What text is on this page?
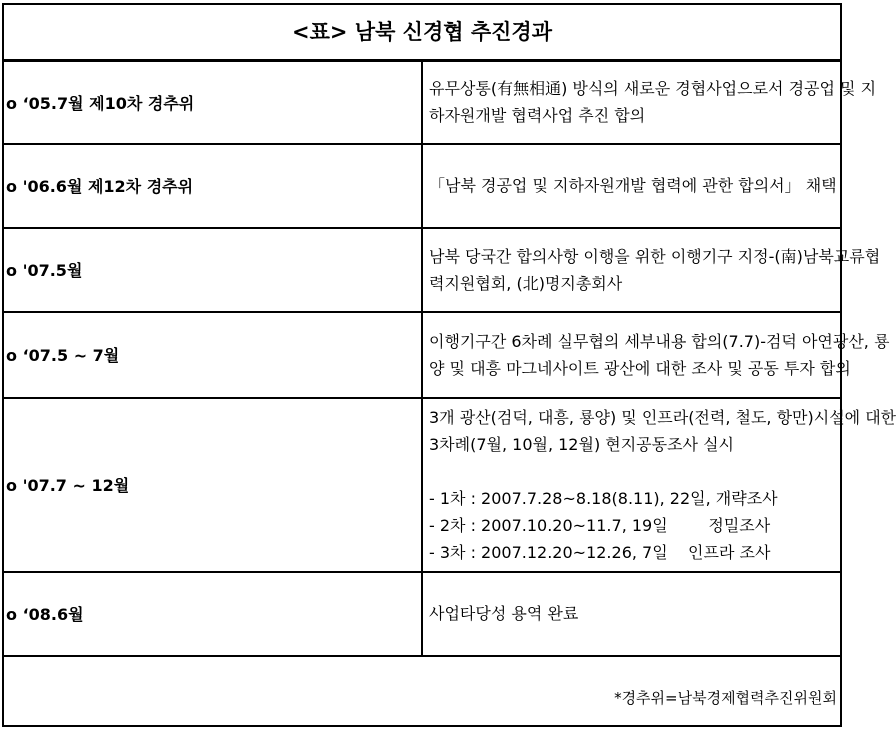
<표> 남북 신경협 추진경과	
o ‘05.7월 제10차 경추위	유무상통(有無相通) 방식의 새로운 경협사업으로서 경공업 및 지
하자원개발 협력사업 추진 합의

o '06.6월 제12차 경추위	「남북 경공업 및 지하자원개발 협력에 관한 합의서」 채택

o '07.5월	남북 당국간 합의사항 이행을 위한 이행기구 지정-(南)남북교류협
력지원협회, (北)명지총회사

o ‘07.5 ~ 7월	이행기구간 6차례 실무협의 세부내용 합의(7.7)-검덕 아연광산, 룡
양 및 대흥 마그네사이트 광산에 대한 조사 및 공동 투자 합의

o '07.7 ~ 12월	3개 광산(검덕, 대흥, 룡양) 및 인프라(전력, 철도, 항만)시설에 대한
3차례(7월, 10월, 12월) 현지공동조사 실시
- 1차 : 2007.7.28~8.18(8.11), 22일, 개략조사
- 2차 : 2007.10.20~11.7, 19일        정밀조사
- 3차 : 2007.12.20~12.26, 7일    인프라 조사

o ‘08.6월	사업타당성 용역 완료
*경추위=남북경제협력추진위원회
